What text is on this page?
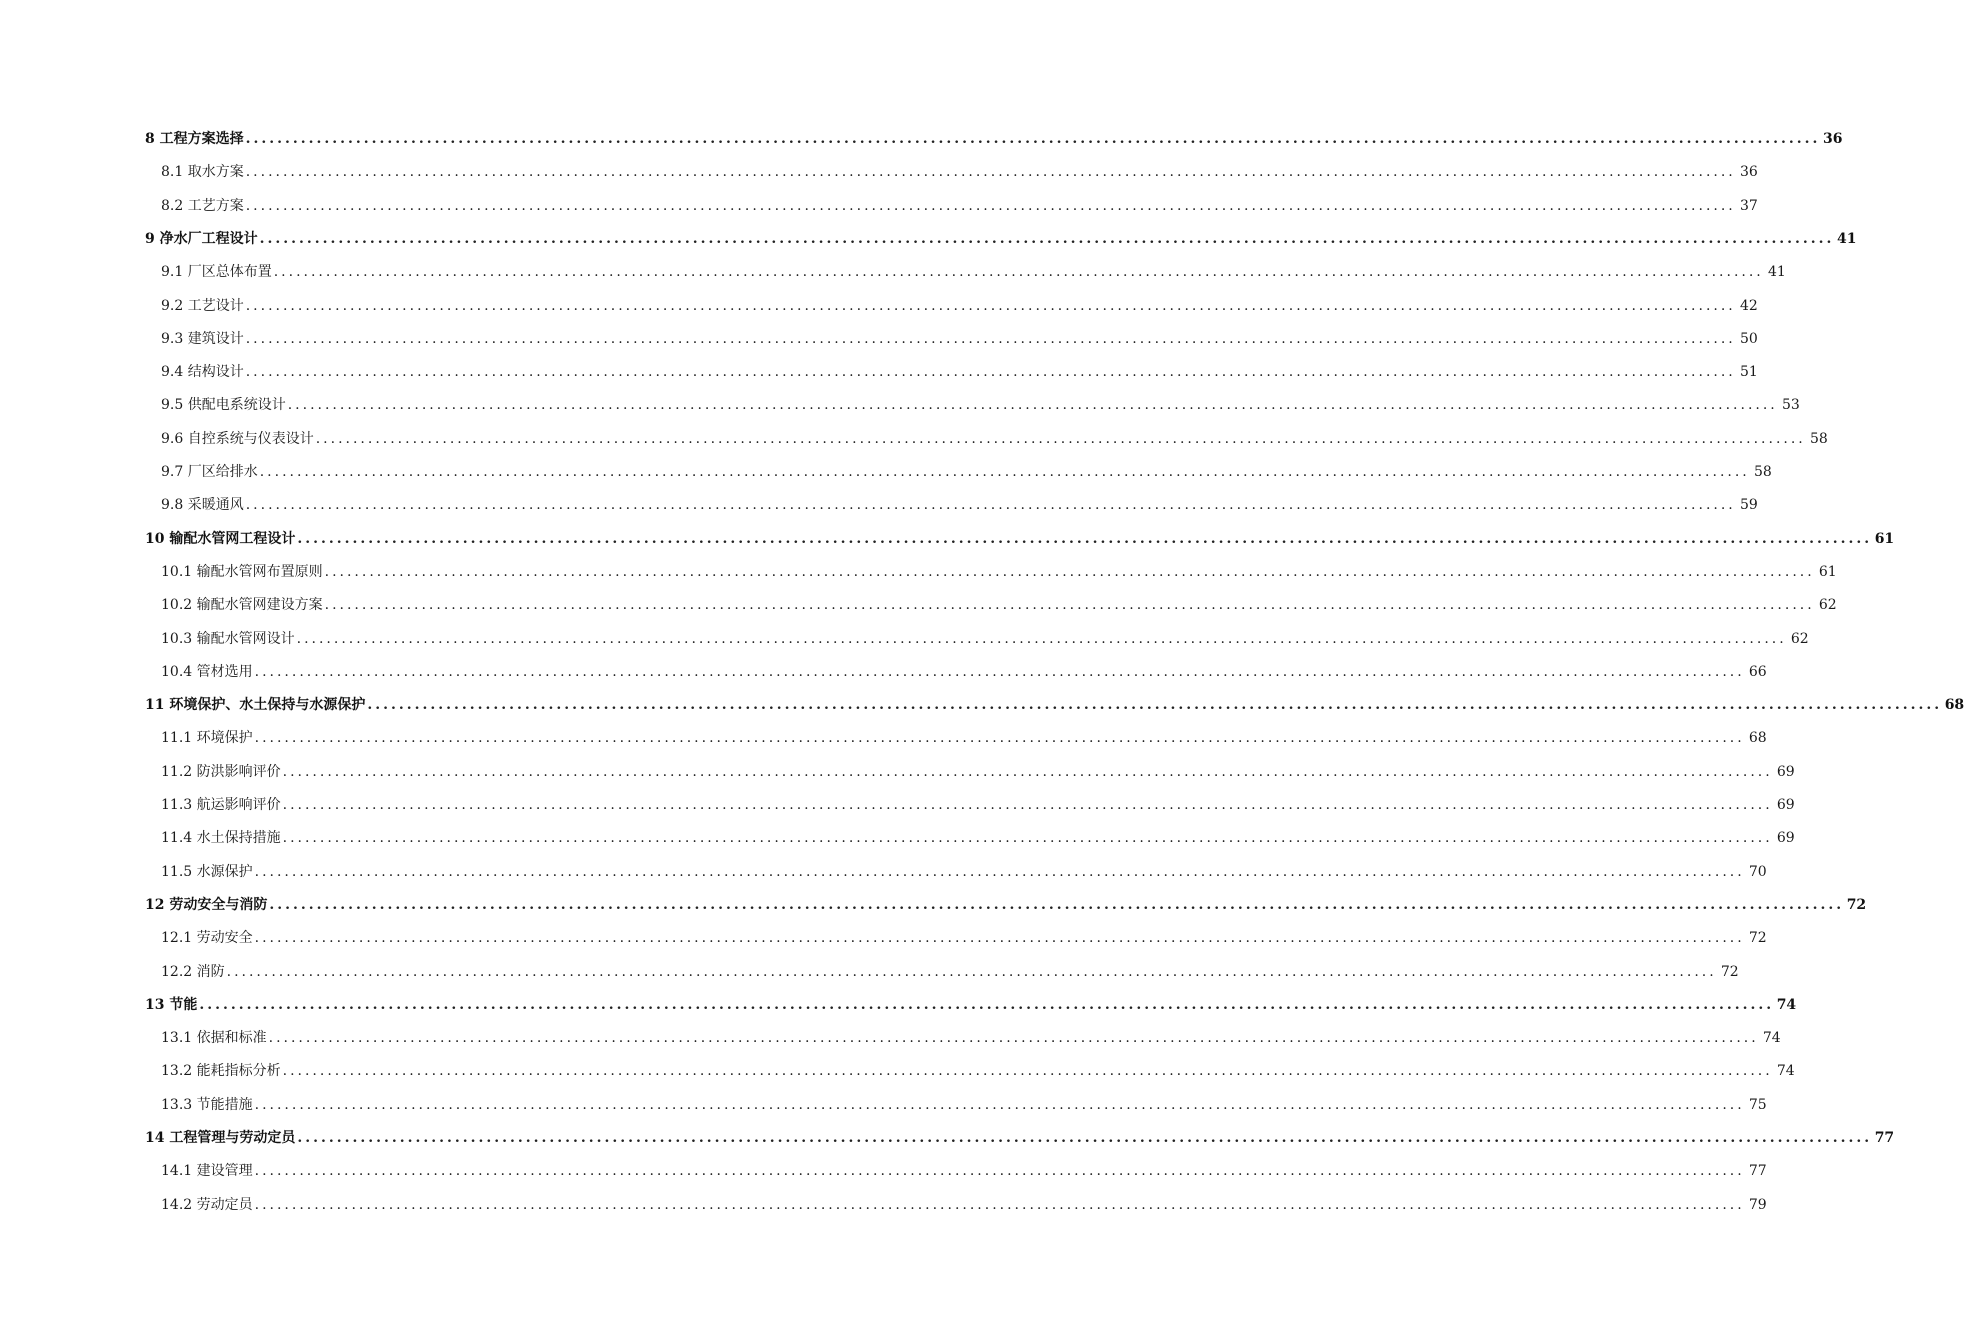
8 工程方案选择 ........................................................................................................................................................................................................ 36
8.1 取水方案 ........................................................................................................................................................................................................ 36
8.2 工艺方案 ........................................................................................................................................................................................................ 37
9 净水厂工程设计 ........................................................................................................................................................................................................ 41
9.1 厂区总体布置 ........................................................................................................................................................................................................ 41
9.2 工艺设计 ........................................................................................................................................................................................................ 42
9.3 建筑设计 ........................................................................................................................................................................................................ 50
9.4 结构设计 ........................................................................................................................................................................................................ 51
9.5 供配电系统设计 ........................................................................................................................................................................................................ 53
9.6 自控系统与仪表设计 ........................................................................................................................................................................................................ 58
9.7 厂区给排水 ........................................................................................................................................................................................................ 58
9.8 采暖通风 ........................................................................................................................................................................................................ 59
10 输配水管网工程设计 ........................................................................................................................................................................................................ 61
10.1 输配水管网布置原则 ........................................................................................................................................................................................................ 61
10.2 输配水管网建设方案 ........................................................................................................................................................................................................ 62
10.3 输配水管网设计 ........................................................................................................................................................................................................ 62
10.4 管材选用 ........................................................................................................................................................................................................ 66
11 环境保护、水土保持与水源保护 ........................................................................................................................................................................................................ 68
11.1 环境保护 ........................................................................................................................................................................................................ 68
11.2 防洪影响评价 ........................................................................................................................................................................................................ 69
11.3 航运影响评价 ........................................................................................................................................................................................................ 69
11.4 水土保持措施 ........................................................................................................................................................................................................ 69
11.5 水源保护 ........................................................................................................................................................................................................ 70
12 劳动安全与消防 ........................................................................................................................................................................................................ 72
12.1 劳动安全 ........................................................................................................................................................................................................ 72
12.2 消防 ........................................................................................................................................................................................................ 72
13 节能 ........................................................................................................................................................................................................ 74
13.1 依据和标准 ........................................................................................................................................................................................................ 74
13.2 能耗指标分析 ........................................................................................................................................................................................................ 74
13.3 节能措施 ........................................................................................................................................................................................................ 75
14 工程管理与劳动定员 ........................................................................................................................................................................................................ 77
14.1 建设管理 ........................................................................................................................................................................................................ 77
14.2 劳动定员 ........................................................................................................................................................................................................ 79
